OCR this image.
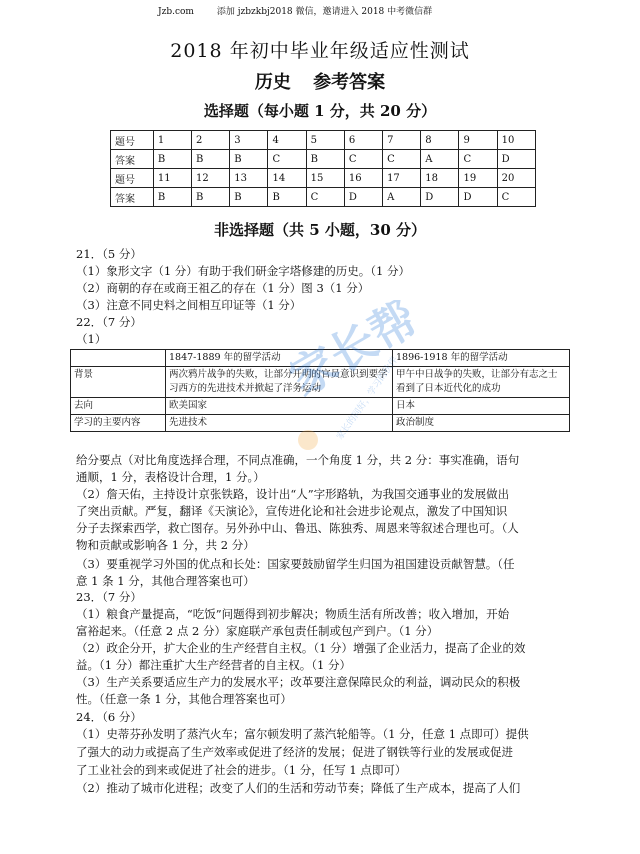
Jzb.com	添加 jzbzkbj2018 微信，邀请进入 2018 中考微信群
2018 年初中毕业年级适应性测试
历史 参考答案
选择题（每小题 1 分，共 20 分）
题号	1	2	3	4	5	6	7	8	9	10
答案	B	B	B	C	B	C	C	A	C	D
题号	11	12	13	14	15	16	17	18	19	20
答案	B	B	B	B	C	D	A	D	D	C
非选择题（共 5 小题，30 分）
21．（5 分）
（1）象形文字（1 分）有助于我们研金字塔修建的历史。（1 分）
（2）商朝的存在或商王祖乙的存在（1 分）图 3（1 分）
（3）注意不同史料之间相互印证等（1 分）
22．（7 分）
（1）
	1847-1889 年的留学活动	1896-1918 年的留学活动
背景	两次鸦片战争的失败，让部分开明的官员意识到要学习西方的先进技术并掀起了洋务运动	甲午中日战争的失败，让部分有志之士看到了日本近代化的成功
去向	欧美国家	日本
学习的主要内容	先进技术	政治制度
给分要点（对比角度选择合理，不同点准确，一个角度 1 分，共 2 分：事实准确，语句
通顺，1 分，表格设计合理，1 分。）
（2）詹天佑，主持设计京张铁路，设计出“人”字形路轨，为我国交通事业的发展做出
了突出贡献。严复，翻译《天演论》，宣传进化论和社会进步论观点，激发了中国知识
分子去探索西学，救亡图存。另外孙中山、鲁迅、陈独秀、周恩来等叙述合理也可。（人
物和贡献或影响各 1 分，共 2 分）
（3）要重视学习外国的优点和长处：国家要鼓励留学生归国为祖国建设贡献智慧。（任
意 1 条 1 分，其他合理答案也可）
23．（7 分）
（1）粮食产量提高，“吃饭”问题得到初步解决；物质生活有所改善；收入增加，开始
富裕起来。（任意 2 点 2 分）家庭联产承包责任制或包产到户。（1 分）
（2）政企分开，扩大企业的生产经营自主权。（1 分）增强了企业活力，提高了企业的效
益。（1 分）都注重扩大生产经营者的自主权。（1 分）
（3）生产关系要适应生产力的发展水平；改革要注意保障民众的利益，调动民众的积极
性。（任意一条 1 分，其他合理答案也可）
24．（6 分）
（1）史蒂芬孙发明了蒸汽火车；富尔顿发明了蒸汽轮船等。（1 分，任意 1 点即可）提供
了强大的动力或提高了生产效率或促进了经济的发展；促进了钢铁等行业的发展或促进
了工业社会的到来或促进了社会的进步。（1 分，任写 1 点即可）
（2）推动了城市化进程；改变了人们的生活和劳动节奏；降低了生产成本，提高了人们
家长帮
家长的同好，学习的伙伴
